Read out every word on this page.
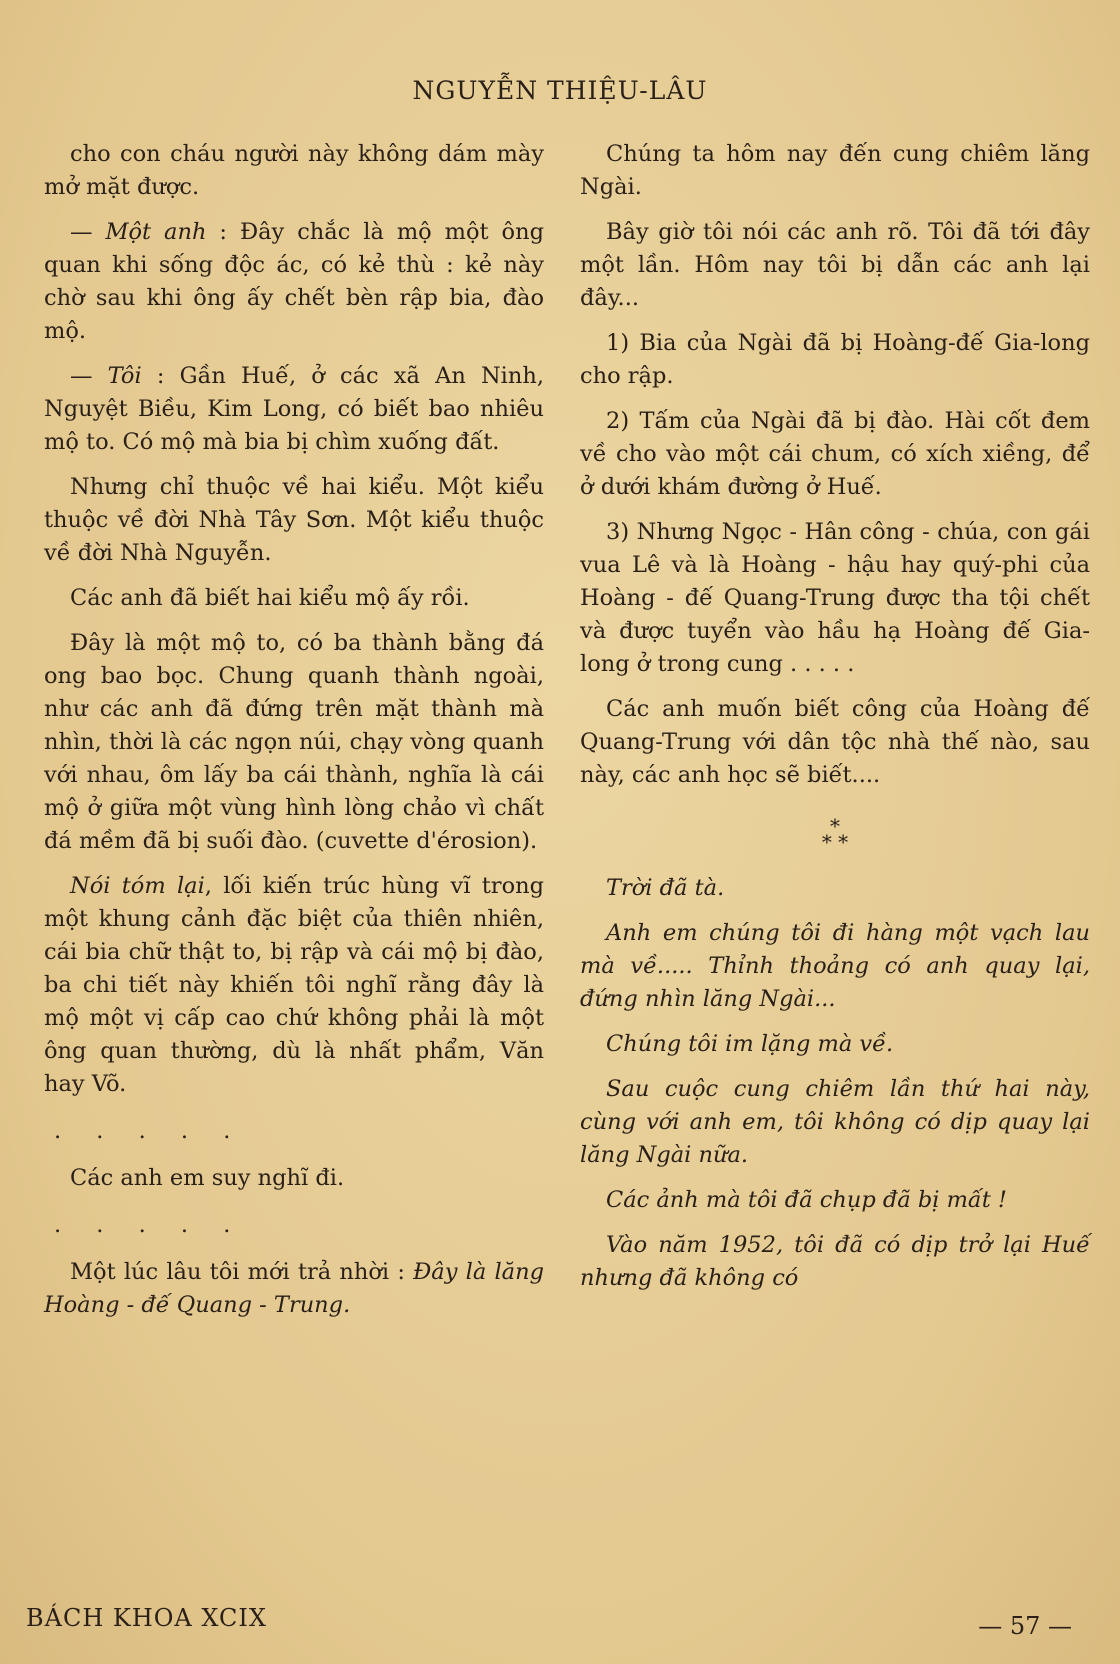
NGUYỄN THIỆU-LÂU

cho con cháu người này không dám mày mở mặt được.

— Một anh : Đây chắc là mộ một ông quan khi sống độc ác, có kẻ thù : kẻ này chờ sau khi ông ấy chết bèn rập bia, đào mộ.

— Tôi : Gần Huế, ở các xã An Ninh, Nguyệt Biều, Kim Long, có biết bao nhiêu mộ to. Có mộ mà bia bị chìm xuống đất.

Nhưng chỉ thuộc về hai kiểu. Một kiểu thuộc về đời Nhà Tây Sơn. Một kiểu thuộc về đời Nhà Nguyễn.

Các anh đã biết hai kiểu mộ ấy rồi.

Đây là một mộ to, có ba thành bằng đá ong bao bọc. Chung quanh thành ngoài, như các anh đã đứng trên mặt thành mà nhìn, thời là các ngọn núi, chạy vòng quanh với nhau, ôm lấy ba cái thành, nghĩa là cái mộ ở giữa một vùng hình lòng chảo vì chất đá mềm đã bị suối đào. (cuvette d'érosion).

Nói tóm lại, lối kiến trúc hùng vĩ trong một khung cảnh đặc biệt của thiên nhiên, cái bia chữ thật to, bị rập và cái mộ bị đào, ba chi tiết này khiến tôi nghĩ rằng đây là mộ một vị cấp cao chứ không phải là một ông quan thường, dù là nhất phẩm, Văn hay Võ.

. . . . .

Các anh em suy nghĩ đi.

. . . . .

Một lúc lâu tôi mới trả nhời : Đây là lăng Hoàng - đế Quang - Trung.

Chúng ta hôm nay đến cung chiêm lăng Ngài.

Bây giờ tôi nói các anh rõ. Tôi đã tới đây một lần. Hôm nay tôi bị dẫn các anh lại đây...

1) Bia của Ngài đã bị Hoàng-đế Gia-long cho rập.

2) Tấm của Ngài đã bị đào. Hài cốt đem về cho vào một cái chum, có xích xiềng, để ở dưới khám đường ở Huế.

3) Nhưng Ngọc - Hân công - chúa, con gái vua Lê và là Hoàng - hậu hay quý-phi của Hoàng - đế Quang-Trung được tha tội chết và được tuyển vào hầu hạ Hoàng đế Gia-long ở trong cung . . . . .

Các anh muốn biết công của Hoàng đế Quang-Trung với dân tộc nhà thế nào, sau này, các anh học sẽ biết....

*
* *

Trời đã tà.

Anh em chúng tôi đi hàng một vạch lau mà về..... Thỉnh thoảng có anh quay lại, đứng nhìn lăng Ngài...

Chúng tôi im lặng mà về.

Sau cuộc cung chiêm lần thứ hai này, cùng với anh em, tôi không có dịp quay lại lăng Ngài nữa.

Các ảnh mà tôi đã chụp đã bị mất !

Vào năm 1952, tôi đã có dịp trở lại Huế nhưng đã không có

BÁCH KHOA XCIX	— 57 —
